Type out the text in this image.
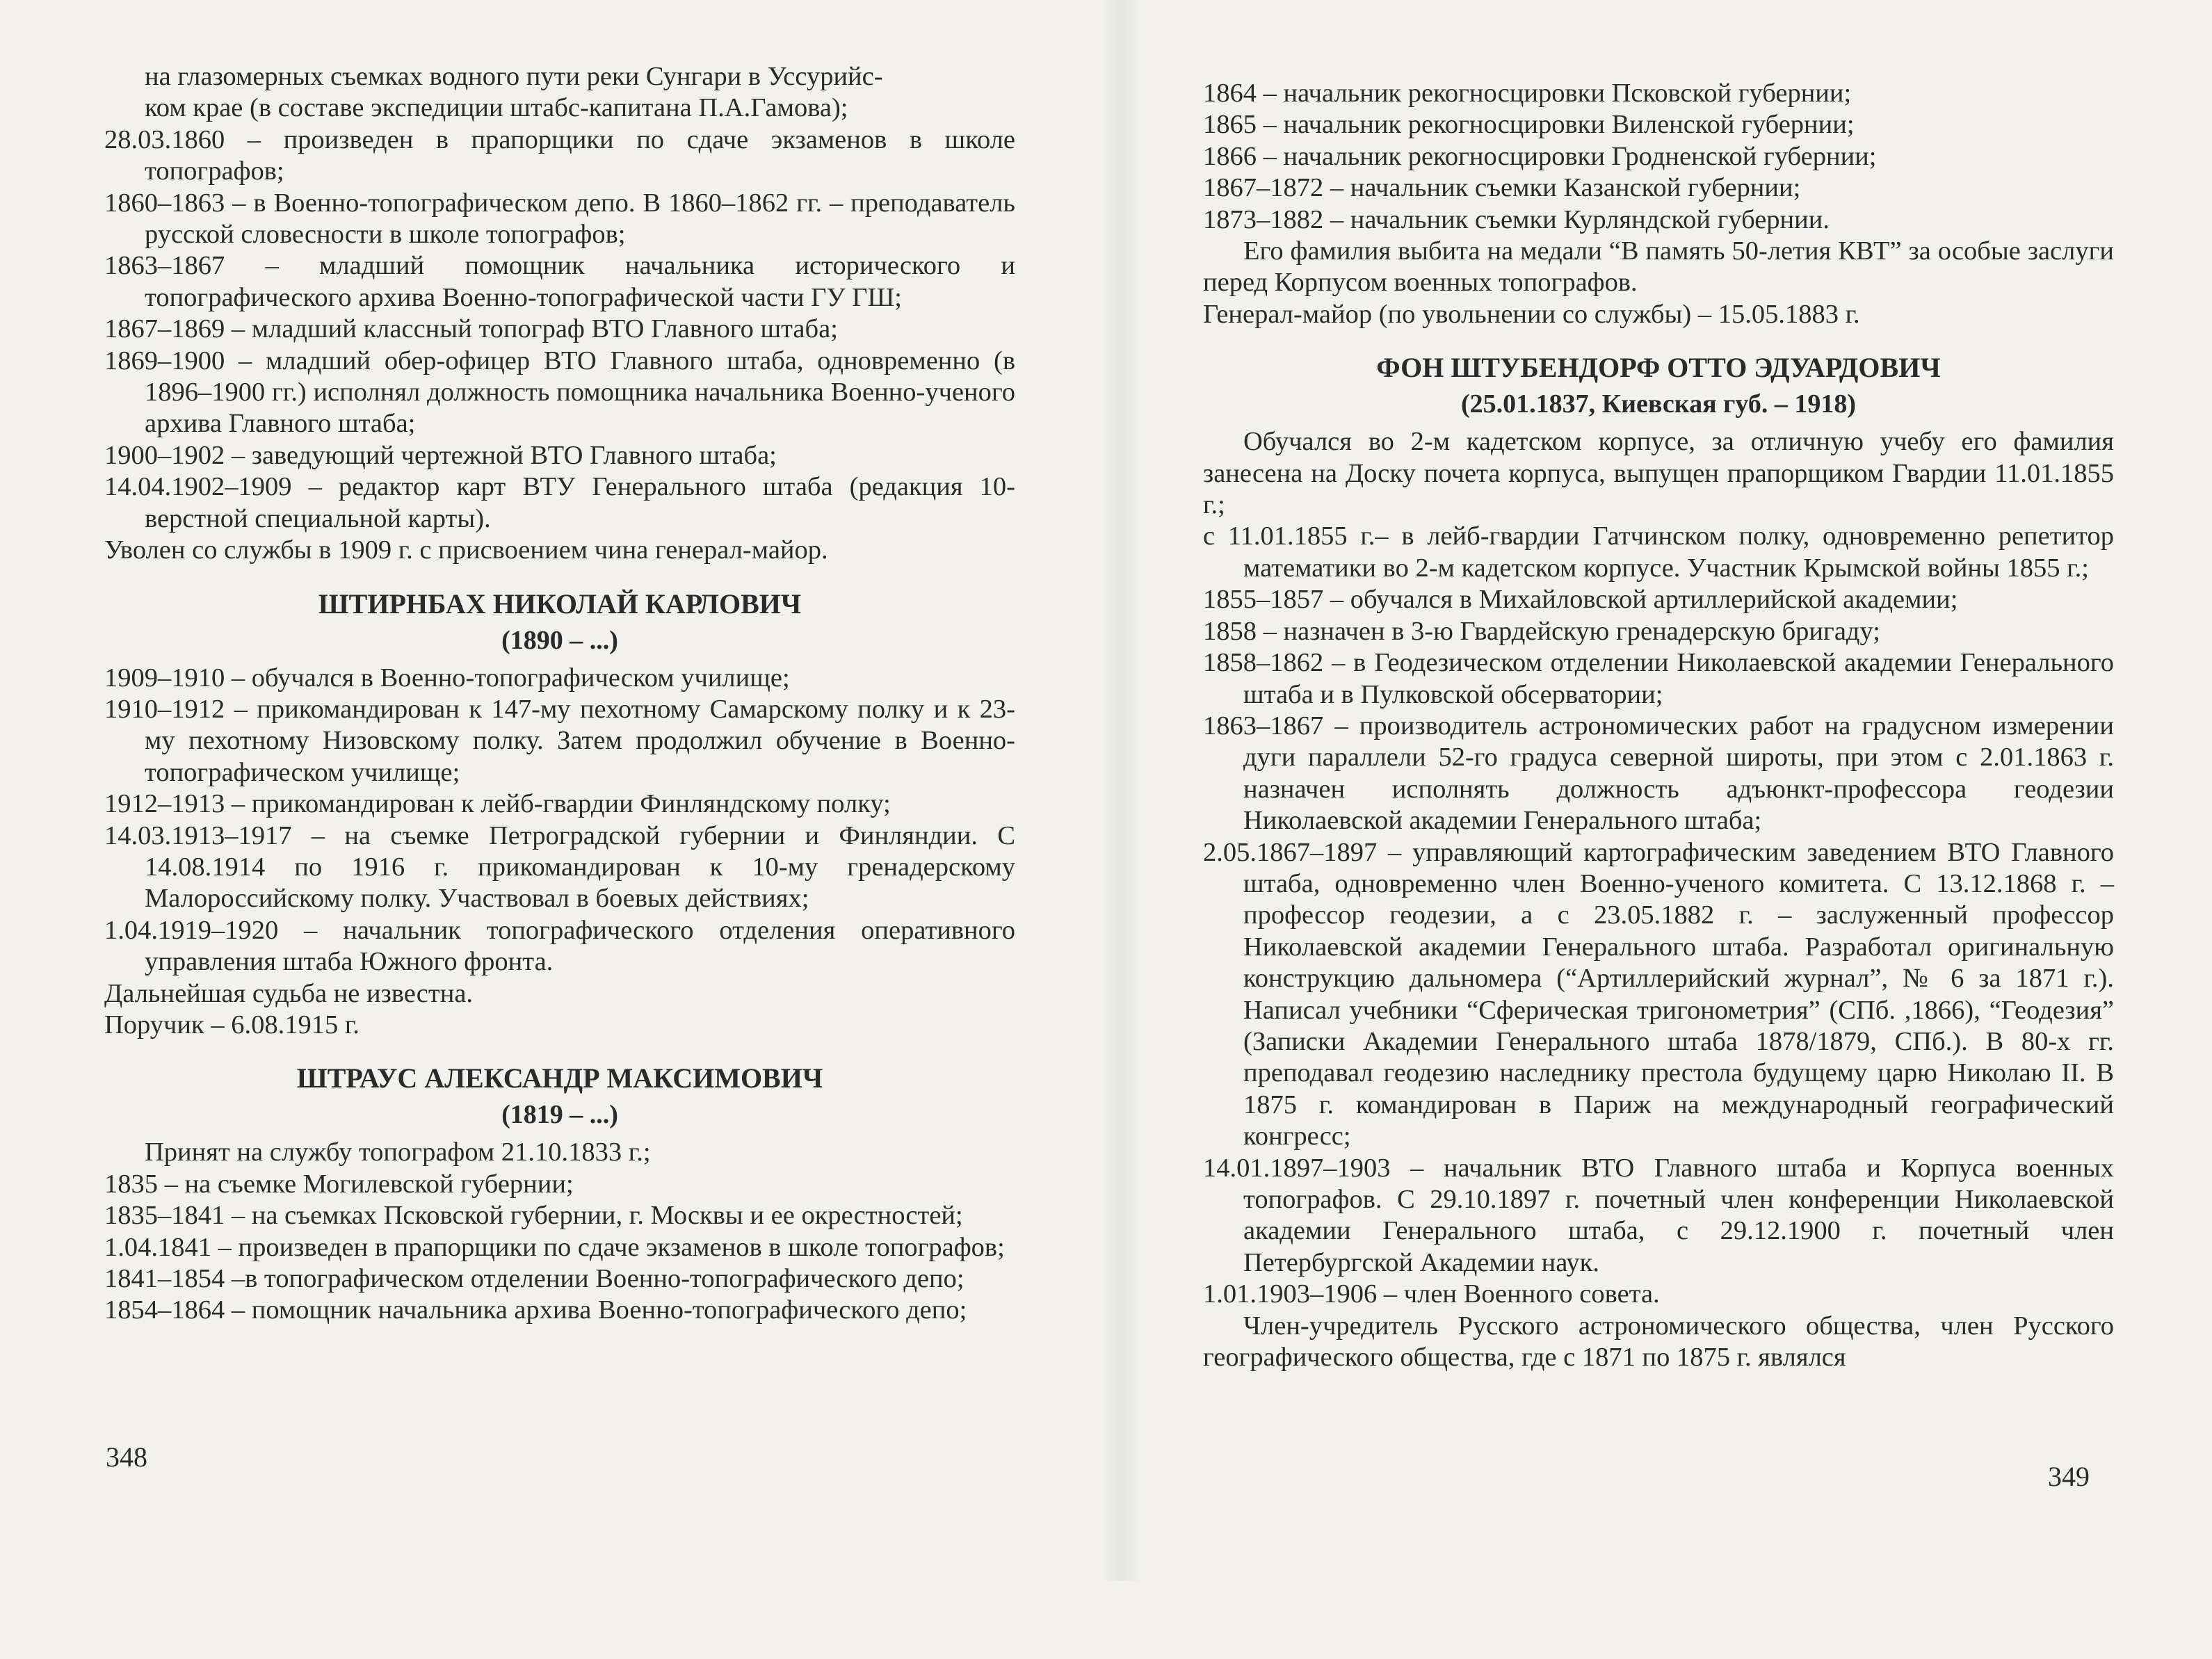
на глазомерных съемках водного пути реки Сунгари в Уссурийс-
ком крае (в составе экспедиции штабс-капитана П.А.Гамова);

28.03.1860 – произведен в прапорщики по сдаче экзаменов в школе топографов;

1860–1863 – в Военно-топографическом депо. В 1860–1862 гг. – преподаватель русской словесности в школе топографов;

1863–1867 – младший помощник начальника исторического и топографического архива Военно-топографической части ГУ ГШ;

1867–1869 – младший классный топограф ВТО Главного штаба;

1869–1900 – младший обер-офицер ВТО Главного штаба, одновременно (в 1896–1900 гг.) исполнял должность помощника начальника Военно-ученого архива Главного штаба;

1900–1902 – заведующий чертежной ВТО Главного штаба;

14.04.1902–1909 – редактор карт ВТУ Генерального штаба (редакция 10-верстной специальной карты).

Уволен со службы в 1909 г. с присвоением чина генерал-майор.

ШТИРНБАХ НИКОЛАЙ КАРЛОВИЧ
(1890 – ...)

1909–1910 – обучался в Военно-топографическом училище;

1910–1912 – прикомандирован к 147-му пехотному Самарскому полку и к 23-му пехотному Низовскому полку. Затем продолжил обучение в Военно-топографическом училище;

1912–1913 – прикомандирован к лейб-гвардии Финляндскому полку;

14.03.1913–1917 – на съемке Петроградской губернии и Финляндии. С 14.08.1914 по 1916 г. прикомандирован к 10-му гренадерскому Малороссийскому полку. Участвовал в боевых действиях;

1.04.1919–1920 – начальник топографического отделения оперативного управления штаба Южного фронта.

Дальнейшая судьба не известна.

Поручик – 6.08.1915 г.

ШТРАУС АЛЕКСАНДР МАКСИМОВИЧ
(1819 – ...)

Принят на службу топографом 21.10.1833 г.;

1835 – на съемке Могилевской губернии;

1835–1841 – на съемках Псковской губернии, г. Москвы и ее окрестностей;

1.04.1841 – произведен в прапорщики по сдаче экзаменов в школе топографов;

1841–1854 –в топографическом отделении Военно-топографического депо;

1854–1864 – помощник начальника архива Военно-топографического депо;

348
1864 – начальник рекогносцировки Псковской губернии;
1865 – начальник рекогносцировки Виленской губернии;
1866 – начальник рекогносцировки Гродненской губернии;
1867–1872 – начальник съемки Казанской губернии;
1873–1882 – начальник съемки Курляндской губернии.

Его фамилия выбита на медали “В память 50-летия КВТ” за особые заслуги перед Корпусом военных топографов.

Генерал-майор (по увольнении со службы) – 15.05.1883 г.

ФОН ШТУБЕНДОРФ ОТТО ЭДУАРДОВИЧ
(25.01.1837, Киевская губ. – 1918)

Обучался во 2-м кадетском корпусе, за отличную учебу его фамилия занесена на Доску почета корпуса, выпущен прапорщиком Гвардии 11.01.1855 г.;

с 11.01.1855 г.– в лейб-гвардии Гатчинском полку, одновременно репетитор математики во 2-м кадетском корпусе. Участник Крымской войны 1855 г.;

1855–1857 – обучался в Михайловской артиллерийской академии;

1858 – назначен в 3-ю Гвардейскую гренадерскую бригаду;

1858–1862 – в Геодезическом отделении Николаевской академии Генерального штаба и в Пулковской обсерватории;

1863–1867 – производитель астрономических работ на градусном измерении дуги параллели 52-го градуса северной широты, при этом с 2.01.1863 г. назначен исполнять должность адъюнкт-профессора геодезии Николаевской академии Генерального штаба;

2.05.1867–1897 – управляющий картографическим заведением ВТО Главного штаба, одновременно член Военно-ученого комитета. С 13.12.1868 г. – профессор геодезии, а с 23.05.1882 г. – заслуженный профессор Николаевской академии Генерального штаба. Разработал оригинальную конструкцию дальномера (“Артиллерийский журнал”, № 6 за 1871 г.). Написал учебники “Сферическая тригонометрия” (СПб. ,1866), “Геодезия” (Записки Академии Генерального штаба 1878/1879, СПб.). В 80-х гг. преподавал геодезию наследнику престола будущему царю Николаю II. В 1875 г. командирован в Париж на международный географический конгресс;

14.01.1897–1903 – начальник ВТО Главного штаба и Корпуса военных топографов. С 29.10.1897 г. почетный член конференции Николаевской академии Генерального штаба, с 29.12.1900 г. почетный член Петербургской Академии наук.

1.01.1903–1906 – член Военного совета.

Член-учредитель Русского астрономического общества, член Русского географического общества, где с 1871 по 1875 г. являлся

349
